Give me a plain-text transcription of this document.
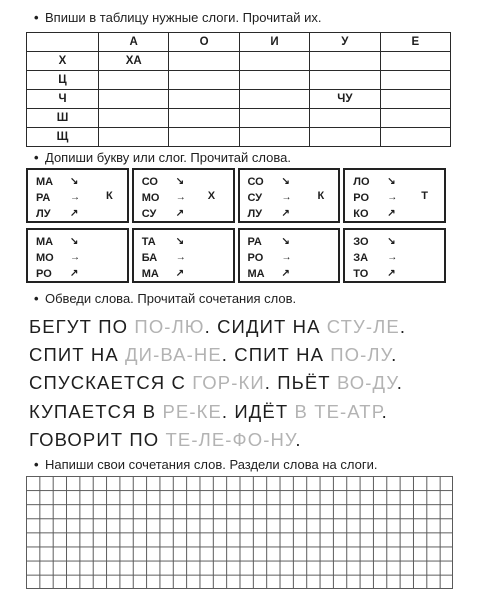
• Впиши в таблицу нужные слоги. Прочитай их.
	А	О	И	У	Е
Х	ХА				
Ц					
Ч				ЧУ	
Ш					
Щ					
• Допиши букву или слог. Прочитай слова.
МА	↘
РА	→
ЛУ	↗
К
СО	↘
МО	→
СУ	↗
Х
СО	↘
СУ	→
ЛУ	↗
К
ЛО	↘
РО	→
КО	↗
Т
МА	↘
МО	→
РО	↗
ТА	↘
БА	→
МА	↗
РА	↘
РО	→
МА	↗
ЗО	↘
ЗА	→
ТО	↗
• Обведи слова. Прочитай сочетания слов.
БЕГУТ ПО ПО-ЛЮ. СИДИТ НА СТУ-ЛЕ.
СПИТ НА ДИ-ВА-НЕ. СПИТ НА ПО-ЛУ.
СПУСКАЕТСЯ С ГОР-КИ. ПЬЁТ ВО-ДУ.
КУПАЕТСЯ В РЕ-КЕ. ИДЁТ В ТЕ-АТР.
ГОВОРИТ ПО ТЕ-ЛЕ-ФО-НУ.
• Напиши свои сочетания слов. Раздели слова на слоги.
